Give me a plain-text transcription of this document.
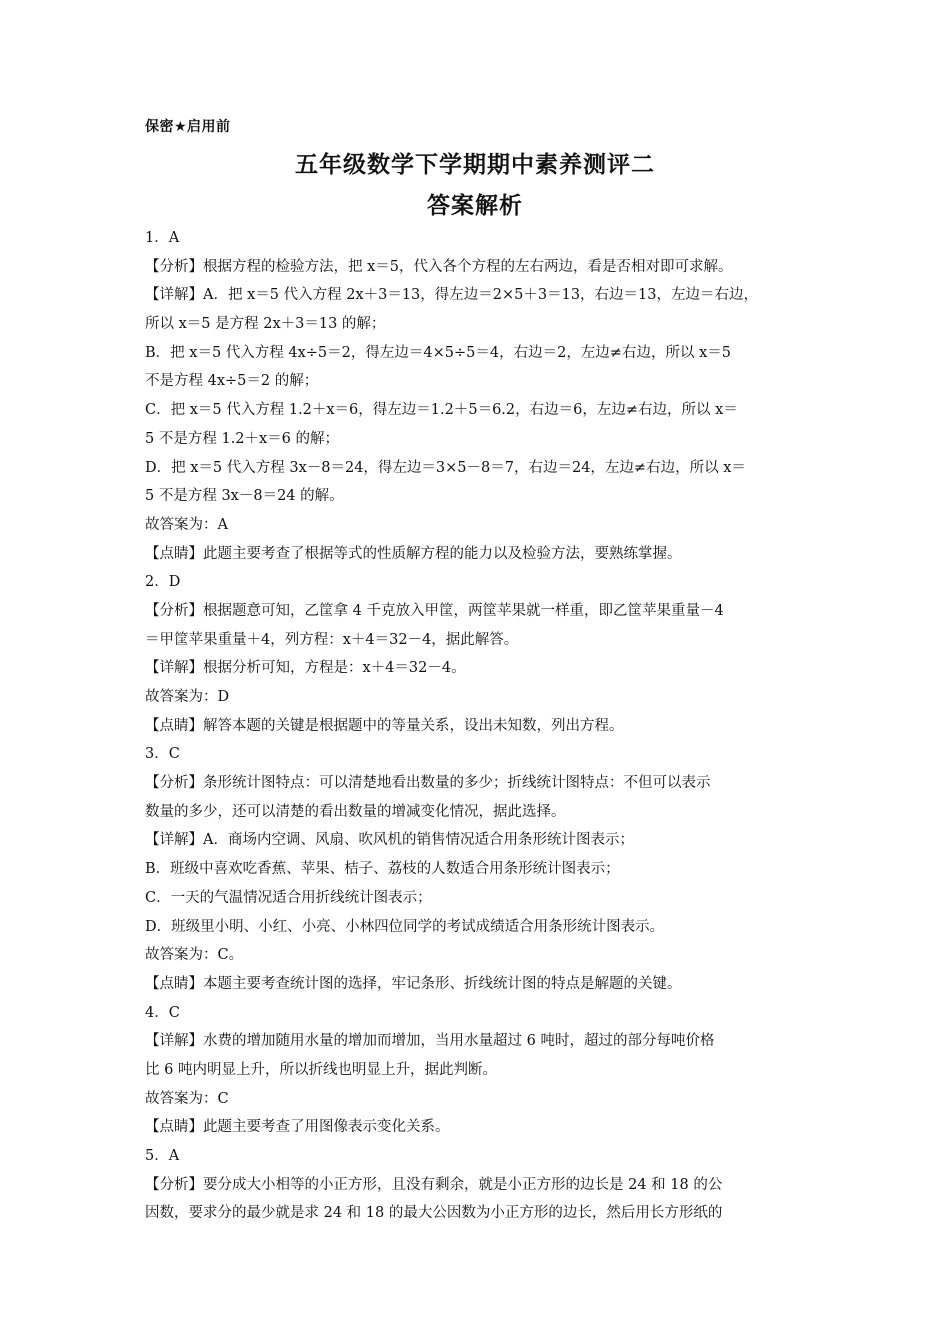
保密★启用前
五年级数学下学期期中素养测评二
答案解析
1．A
【分析】根据方程的检验方法，把 x＝5，代入各个方程的左右两边，看是否相对即可求解。
【详解】A．把 x＝5 代入方程 2x＋3＝13，得左边＝2×5＋3＝13，右边＝13，左边＝右边，
所以 x＝5 是方程 2x＋3＝13 的解；
B．把 x＝5 代入方程 4x÷5＝2，得左边＝4×5÷5＝4，右边＝2，左边≠右边，所以 x＝5
不是方程 4x÷5＝2 的解；
C．把 x＝5 代入方程 1.2＋x＝6，得左边＝1.2＋5＝6.2，右边＝6，左边≠右边，所以 x＝
5 不是方程 1.2＋x＝6 的解；
D．把 x＝5 代入方程 3x－8＝24，得左边＝3×5－8＝7，右边＝24，左边≠右边，所以 x＝
5 不是方程 3x－8＝24 的解。
故答案为：A
【点睛】此题主要考查了根据等式的性质解方程的能力以及检验方法，要熟练掌握。
2．D
【分析】根据题意可知，乙筐拿 4 千克放入甲筐，两筐苹果就一样重，即乙筐苹果重量－4
＝甲筐苹果重量＋4，列方程：x＋4＝32－4，据此解答。
【详解】根据分析可知，方程是：x＋4＝32－4。
故答案为：D
【点睛】解答本题的关键是根据题中的等量关系，设出未知数，列出方程。
3．C
【分析】条形统计图特点：可以清楚地看出数量的多少；折线统计图特点：不但可以表示
数量的多少，还可以清楚的看出数量的增减变化情况，据此选择。
【详解】A．商场内空调、风扇、吹风机的销售情况适合用条形统计图表示；
B．班级中喜欢吃香蕉、苹果、桔子、荔枝的人数适合用条形统计图表示；
C．一天的气温情况适合用折线统计图表示；
D．班级里小明、小红、小亮、小林四位同学的考试成绩适合用条形统计图表示。
故答案为：C。
【点睛】本题主要考查统计图的选择，牢记条形、折线统计图的特点是解题的关键。
4．C
【详解】水费的增加随用水量的增加而增加，当用水量超过 6 吨时，超过的部分每吨价格
比 6 吨内明显上升，所以折线也明显上升，据此判断。
故答案为：C
【点睛】此题主要考查了用图像表示变化关系。
5．A
【分析】要分成大小相等的小正方形，且没有剩余，就是小正方形的边长是 24 和 18 的公
因数，要求分的最少就是求 24 和 18 的最大公因数为小正方形的边长，然后用长方形纸的
